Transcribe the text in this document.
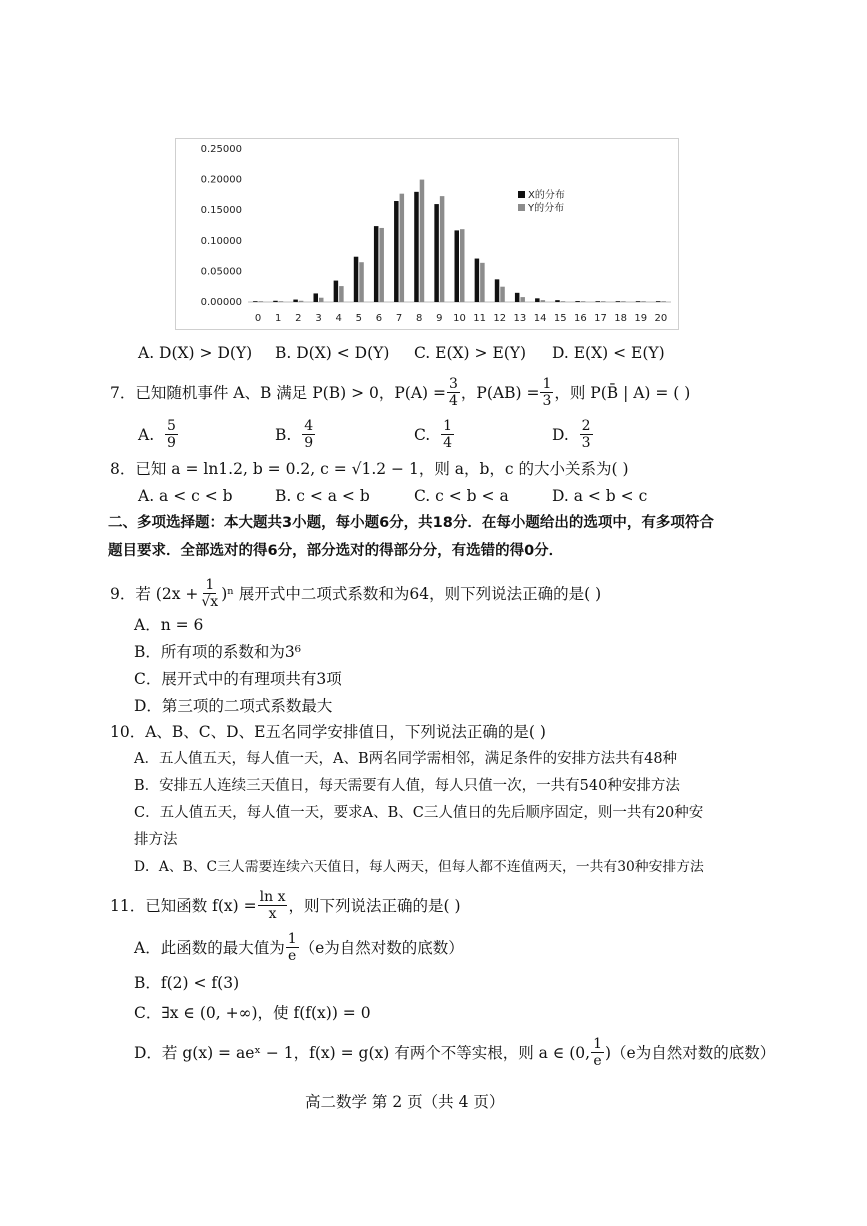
0.25000
0.20000
0.15000
0.10000
0.05000
0.00000
0 1 2 3 4 5 6 7 8 9 10 11 12 13 14 15 16 17 18 19 20
X的分布
Y的分布
A. D(X) > D(Y) B. D(X) < D(Y) C. E(X) > E(Y) D. E(X) < E(Y)
7．已知随机事件 A、B 满足 P(B) > 0，$P(A) = \frac{3}{4}$ ，$P(AB) = \frac{1}{3}$ ，则 P(B̄ | A) = ( )
A.
$\frac{5}{9}$	B.
$\frac{4}{9}$	C.
$\frac{1}{4}$	D.
$\frac{2}{3}$
8．已知 a = ln1.2, b = 0.2, c = √1.2 − 1，则 a，b，c 的大小关系为( )
A. a < c < b	B. c < a < b	C. c < b < a	D. a < b < c
二、多项选择题：本大题共3小题，每小题6分，共18分．在每小题给出的选项中，有多项符合
题目要求．全部选对的得6分，部分选对的得部分分，有选错的得0分．
9．若 $(2x + \frac{1}{√x} )^n$ 展开式中二项式系数和为64，则下列说法正确的是( )
A．n = 6
B．所有项的系数和为3⁶
C．展开式中的有理项共有3项
D．第三项的二项式系数最大
10．A、B、C、D、E五名同学安排值日，下列说法正确的是( )
A．五人值五天，每人值一天，A、B两名同学需相邻，满足条件的安排方法共有48种
B．安排五人连续三天值日，每天需要有人值，每人只值一次，一共有540种安排方法
C．五人值五天，每人值一天，要求A、B、C三人值日的先后顺序固定，则一共有20种安
排方法
D．A、B、C三人需要连续六天值日，每人两天，但每人都不连值两天，一共有30种安排方法
11．已知函数 $f(x) = \frac{\text{ln x}}{x}$ ，则下列说法正确的是( )
A．此函数的最大值为 $\frac{1}{e} (e$为自然对数的底数）
B．f(2) < f(3)
C．∃x ∈ (0, +∞)，使 f(f(x)) = 0
D．若 g(x) = aeˣ − 1，f(x) = g(x) 有两个不等实根，则 a ∈ (0, $\frac{1}{e} )(e$为自然对数的底数）
高二数学 第 2 页（共 4 页）
